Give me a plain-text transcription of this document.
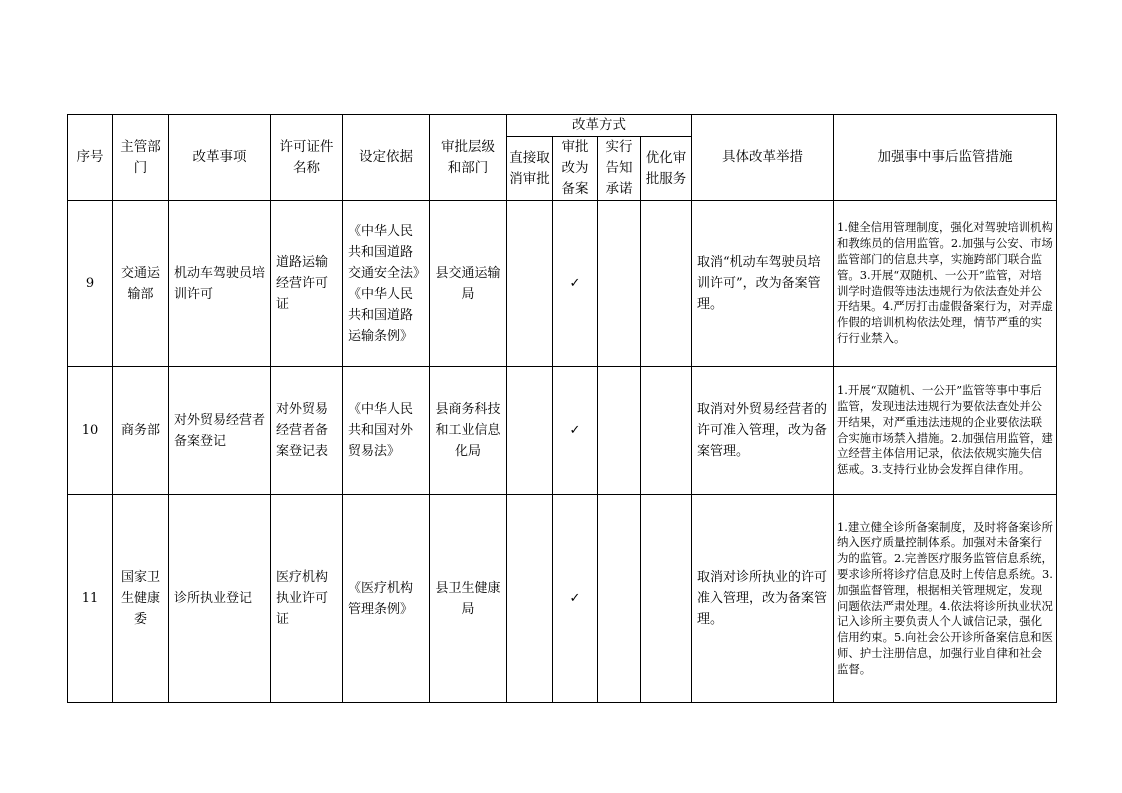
序号	主管部门	改革事项	许可证件名称	设定依据	审批层级和部门	改革方式				具体改革举措	加强事中事后监管措施
						直接取消审批	审批改为备案	实行告知承诺	优化审批服务		
9	交通运输部	机动车驾驶员培训许可	道路运输经营许可证	《中华人民共和国道路交通安全法》《中华人民共和国道路运输条例》	县交通运输局		✓			取消“机动车驾驶员培训许可”，改为备案管理。	1.健全信用管理制度，强化对驾驶培训机构和教练员的信用监管。2.加强与公安、市场监管部门的信息共享，实施跨部门联合监管。3.开展“双随机、一公开”监管，对培训学时造假等违法违规行为依法查处并公开结果。4.严厉打击虚假备案行为，对弄虚作假的培训机构依法处理，情节严重的实行行业禁入。
10	商务部	对外贸易经营者备案登记	对外贸易经营者备案登记表	《中华人民共和国对外贸易法》	县商务科技和工业信息化局		✓			取消对外贸易经营者的许可准入管理，改为备案管理。	1.开展“双随机、一公开”监管等事中事后监管，发现违法违规行为要依法查处并公开结果，对严重违法违规的企业要依法联合实施市场禁入措施。2.加强信用监管，建立经营主体信用记录，依法依规实施失信惩戒。3.支持行业协会发挥自律作用。
11	国家卫生健康委	诊所执业登记	医疗机构执业许可证	《医疗机构管理条例》	县卫生健康局		✓			取消对诊所执业的许可准入管理，改为备案管理。	1.建立健全诊所备案制度，及时将备案诊所纳入医疗质量控制体系。加强对未备案行为的监管。2.完善医疗服务监管信息系统，要求诊所将诊疗信息及时上传信息系统。3.加强监督管理，根据相关管理规定，发现问题依法严肃处理。4.依法将诊所执业状况记入诊所主要负责人个人诚信记录，强化信用约束。5.向社会公开诊所备案信息和医师、护士注册信息，加强行业自律和社会监督。
